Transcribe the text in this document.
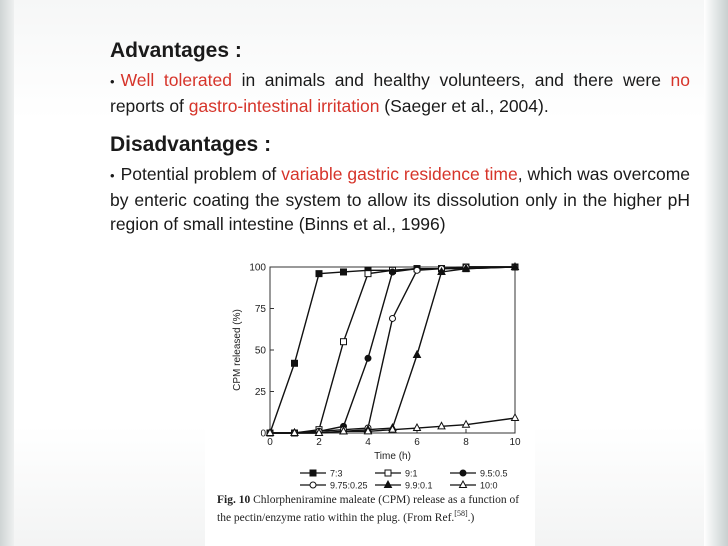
Advantages :

• Well tolerated in animals and healthy volunteers, and there were no reports of gastro-intestinal irritation (Saeger et al., 2004).

Disadvantages :

• Potential problem of variable gastric residence time, which was overcome by enteric coating the system to allow its dissolution only in the higher pH region of small intestine (Binns et al., 1996)

0	2	4	6	8	10
0
25
50
75
100
Time (h)
CPM released (%)
7:3	9:1	9.5:0.5
9.75:0.25	9.9:0.1	10:0
Fig. 10 Chlorpheniramine maleate (CPM) release as a function of the pectin/enzyme ratio within the plug. (From Ref.[58].)
